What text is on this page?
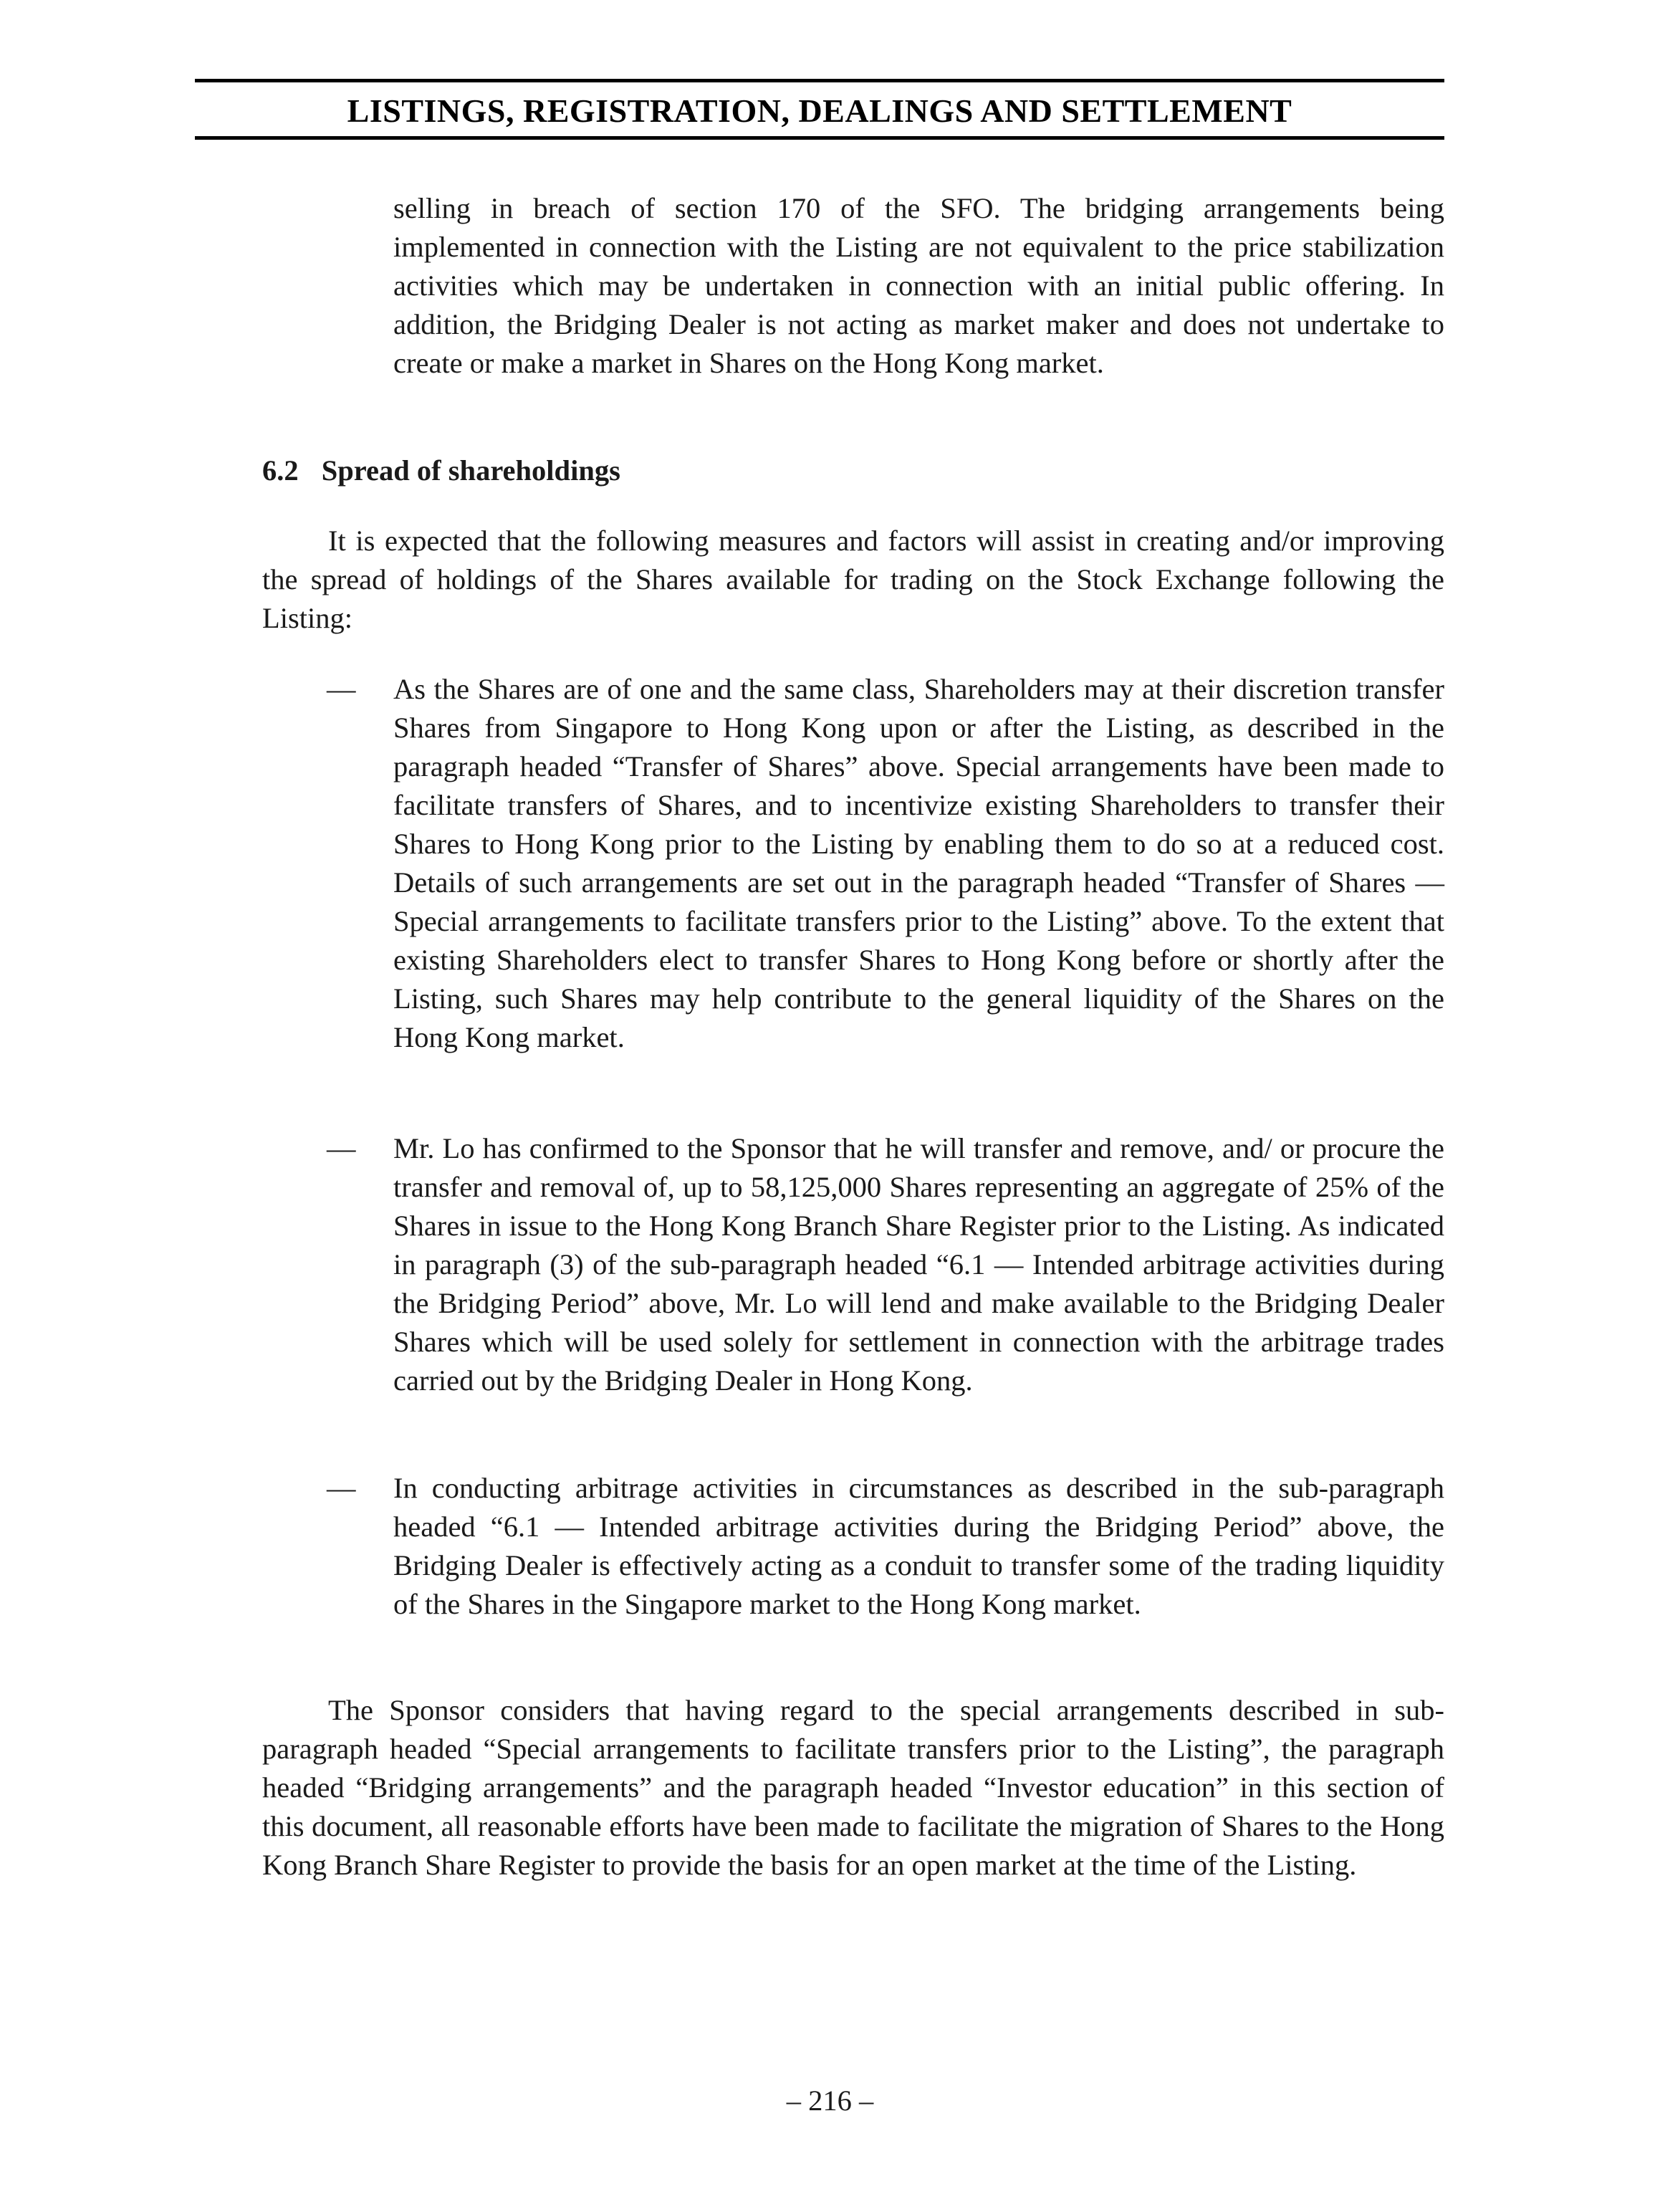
LISTINGS, REGISTRATION, DEALINGS AND SETTLEMENT

selling in breach of section 170 of the SFO. The bridging arrangements being implemented in connection with the Listing are not equivalent to the price stabilization activities which may be undertaken in connection with an initial public offering. In addition, the Bridging Dealer is not acting as market maker and does not undertake to create or make a market in Shares on the Hong Kong market.

6.2 Spread of shareholdings

It is expected that the following measures and factors will assist in creating and/or improving the spread of holdings of the Shares available for trading on the Stock Exchange following the Listing:

— As the Shares are of one and the same class, Shareholders may at their discretion transfer Shares from Singapore to Hong Kong upon or after the Listing, as described in the paragraph headed “Transfer of Shares” above. Special arrangements have been made to facilitate transfers of Shares, and to incentivize existing Shareholders to transfer their Shares to Hong Kong prior to the Listing by enabling them to do so at a reduced cost. Details of such arrangements are set out in the paragraph headed “Transfer of Shares — Special arrangements to facilitate transfers prior to the Listing” above. To the extent that existing Shareholders elect to transfer Shares to Hong Kong before or shortly after the Listing, such Shares may help contribute to the general liquidity of the Shares on the Hong Kong market.

— Mr. Lo has confirmed to the Sponsor that he will transfer and remove, and/ or procure the transfer and removal of, up to 58,125,000 Shares representing an aggregate of 25% of the Shares in issue to the Hong Kong Branch Share Register prior to the Listing. As indicated in paragraph (3) of the sub-paragraph headed “6.1 — Intended arbitrage activities during the Bridging Period” above, Mr. Lo will lend and make available to the Bridging Dealer Shares which will be used solely for settlement in connection with the arbitrage trades carried out by the Bridging Dealer in Hong Kong.

— In conducting arbitrage activities in circumstances as described in the sub-paragraph headed “6.1 — Intended arbitrage activities during the Bridging Period” above, the Bridging Dealer is effectively acting as a conduit to transfer some of the trading liquidity of the Shares in the Singapore market to the Hong Kong market.

The Sponsor considers that having regard to the special arrangements described in sub-paragraph headed “Special arrangements to facilitate transfers prior to the Listing”, the paragraph headed “Bridging arrangements” and the paragraph headed “Investor education” in this section of this document, all reasonable efforts have been made to facilitate the migration of Shares to the Hong Kong Branch Share Register to provide the basis for an open market at the time of the Listing.

– 216 –
